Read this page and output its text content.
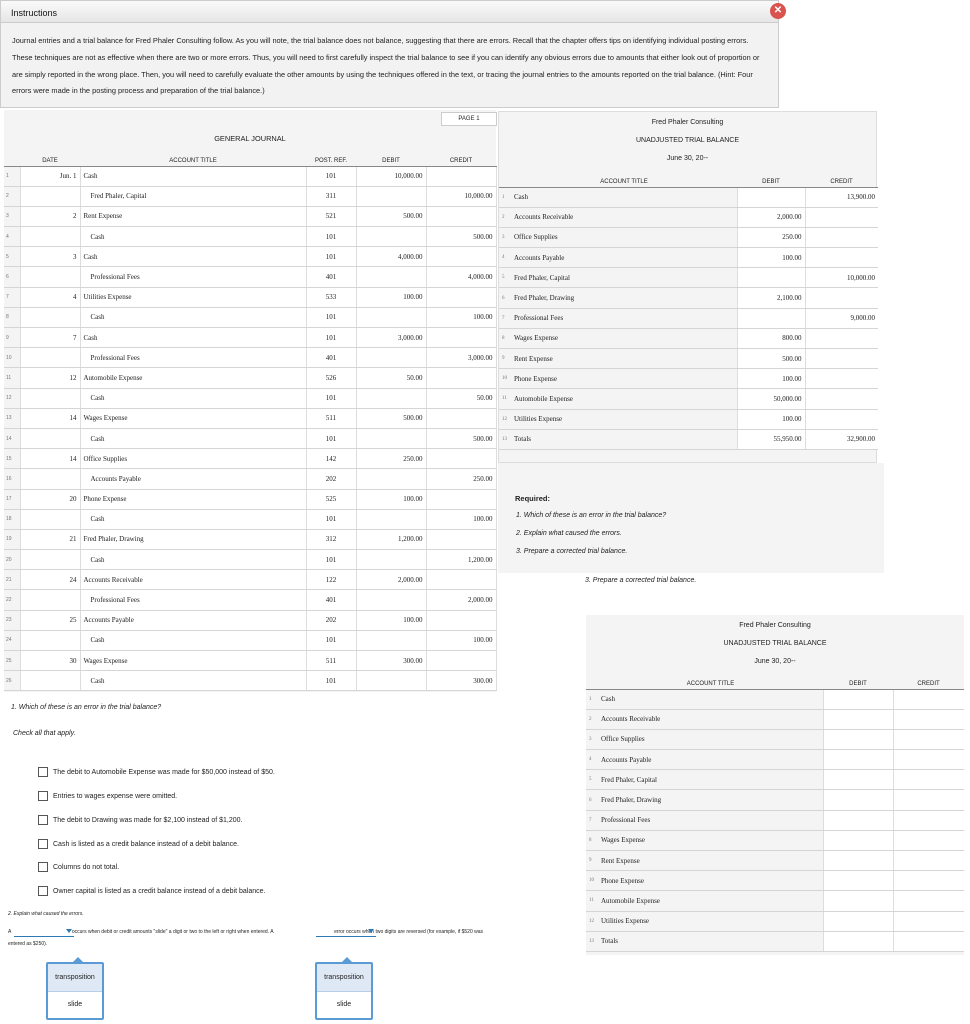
Instructions	✕
Journal entries and a trial balance for Fred Phaler Consulting follow. As you will note, the trial balance does not balance, suggesting that there are errors. Recall that the chapter offers tips on identifying individual posting errors. These techniques are not as effective when there are two or more errors. Thus, you will need to first carefully inspect the trial balance to see if you can identify any obvious errors due to amounts that either look out of proportion or are simply reported in the wrong place. Then, you will need to carefully evaluate the other amounts by using the techniques offered in the text, or tracing the journal entries to the amounts reported on the trial balance. (Hint: Four errors were made in the posting process and preparation of the trial balance.)
PAGE 1
GENERAL JOURNAL
	DATE	ACCOUNT TITLE	POST. REF.	DEBIT	CREDIT
1	Jun. 1	Cash	101	10,000.00	
2		Fred Phaler, Capital	311		10,000.00
3	2	Rent Expense	521	500.00	
4		Cash	101		500.00
5	3	Cash	101	4,000.00	
6		Professional Fees	401		4,000.00
7	4	Utilities Expense	533	100.00	
8		Cash	101		100.00
9	7	Cash	101	3,000.00	
10		Professional Fees	401		3,000.00
11	12	Automobile Expense	526	50.00	
12		Cash	101		50.00
13	14	Wages Expense	511	500.00	
14		Cash	101		500.00
15	14	Office Supplies	142	250.00	
16		Accounts Payable	202		250.00
17	20	Phone Expense	525	100.00	
18		Cash	101		100.00
19	21	Fred Phaler, Drawing	312	1,200.00	
20		Cash	101		1,200.00
21	24	Accounts Receivable	122	2,000.00	
22		Professional Fees	401		2,000.00
23	25	Accounts Payable	202	100.00	
24		Cash	101		100.00
25	30	Wages Expense	511	300.00	
26		Cash	101		300.00
Fred Phaler Consulting
UNADJUSTED TRIAL BALANCE
June 30, 20--
	ACCOUNT TITLE	DEBIT	CREDIT
1	Cash		13,900.00
2	Accounts Receivable	2,000.00	
3	Office Supplies	250.00	
4	Accounts Payable	100.00	
5	Fred Phaler, Capital		10,000.00
6	Fred Phaler, Drawing	2,100.00	
7	Professional Fees		9,000.00
8	Wages Expense	800.00	
9	Rent Expense	500.00	
10	Phone Expense	100.00	
11	Automobile Expense	50,000.00	
12	Utilities Expense	100.00	
13	Totals	55,950.00	32,900.00
Required:
1. Which of these is an error in the trial balance?
2. Explain what caused the errors.
3. Prepare a corrected trial balance.
3. Prepare a corrected trial balance.
Fred Phaler Consulting
UNADJUSTED TRIAL BALANCE
June 30, 20--
	ACCOUNT TITLE	DEBIT	CREDIT
1	Cash		
2	Accounts Receivable		
3	Office Supplies		
4	Accounts Payable		
5	Fred Phaler, Capital		
6	Fred Phaler, Drawing		
7	Professional Fees		
8	Wages Expense		
9	Rent Expense		
10	Phone Expense		
11	Automobile Expense		
12	Utilities Expense		
13	Totals		
1. Which of these is an error in the trial balance?
Check all that apply.
The debit to Automobile Expense was made for $50,000 instead of $50.
Entries to wages expense were omitted.
The debit to Drawing was made for $2,100 instead of $1,200.
Cash is listed as a credit balance instead of a debit balance.
Columns do not total.
Owner capital is listed as a credit balance instead of a debit balance.
2. Explain what caused the errors.
A	occurs when debit or credit amounts "slide" a digit or two to the left or right when entered. A	error occurs when two digits are reversed (for example, if $520 was
entered as $250).
transposition
slide
transposition
slide
